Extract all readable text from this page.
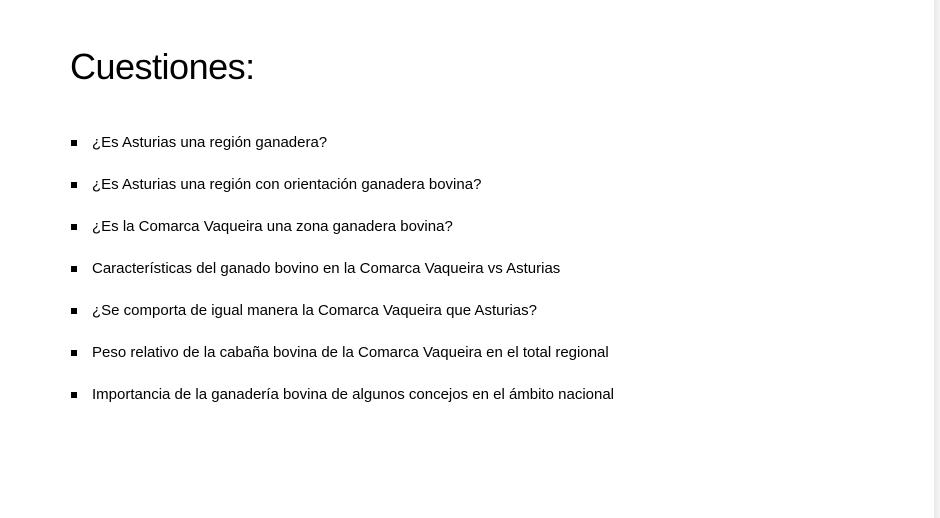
Cuestiones:
¿Es Asturias una región ganadera?
¿Es Asturias una región con orientación ganadera bovina?
¿Es la Comarca Vaqueira una zona ganadera bovina?
Características del ganado bovino en la Comarca Vaqueira vs Asturias
¿Se comporta de igual manera la Comarca Vaqueira que Asturias?
Peso relativo de la cabaña bovina de la Comarca Vaqueira en el total regional
Importancia de la ganadería bovina de algunos concejos en el ámbito nacional
